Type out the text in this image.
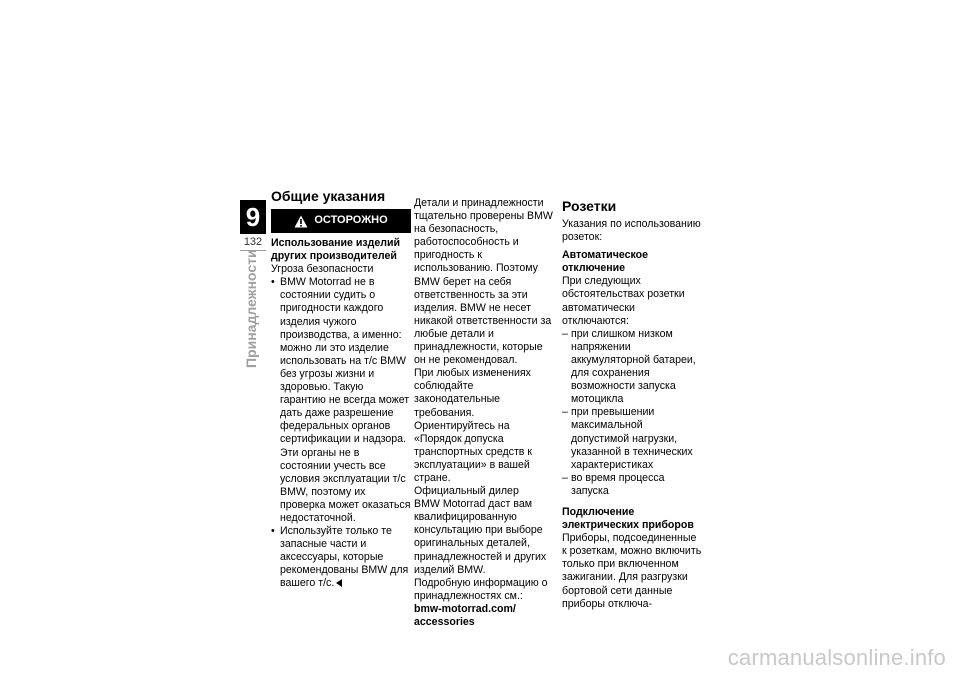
9
132
Принадлежности
Общие указания
ОСТОРОЖНО

Использование изделий других производителей

Угроза безопасности

• BMW Motorrad не в состоянии судить о пригодности каждого изделия чужого производства, а именно: можно ли это изделие использовать на т/с BMW без угрозы жизни и здоровью. Такую гарантию не всегда может дать даже разрешение федеральных органов сертификации и надзора. Эти органы не в состоянии учесть все условия эксплуатации т/с BMW, поэтому их проверка может оказаться недостаточной.
• Используйте только те запасные части и аксессуары, которые рекомендованы BMW для вашего т/с.

Детали и принадлежности тщательно проверены BMW на безопасность, работоспособность и пригодность к использованию. Поэтому BMW берет на себя ответственность за эти изделия. BMW не несет никакой ответственности за любые детали и принадлежности, которые он не рекомендовал.

При любых изменениях соблюдайте законодательные требования. Ориентируйтесь на «Порядок допуска транспортных средств к эксплуатации» в вашей стране.

Официальный дилер

BMW Motorrad даст вам квалифицированную консультацию при выборе оригинальных деталей, принадлежностей и других изделий BMW.

Подробную информацию о принадлежностях см.:

bmw-motorrad.com/ accessories

Розетки

Указания по использованию розеток:

Автоматическое отключение

При следующих обстоятельствах розетки автоматически отключаются:

– при слишком низком напряжении аккумуляторной батареи, для сохранения возможности запуска мотоцикла
– при превышении максимальной допустимой нагрузки, указанной в технических характеристиках
– во время процесса запуска

Подключение электрических приборов

Приборы, подсоединенные к розеткам, можно включить только при включенном зажигании. Для разгрузки бортовой сети данные приборы отключа-

carmanualsonline.info
